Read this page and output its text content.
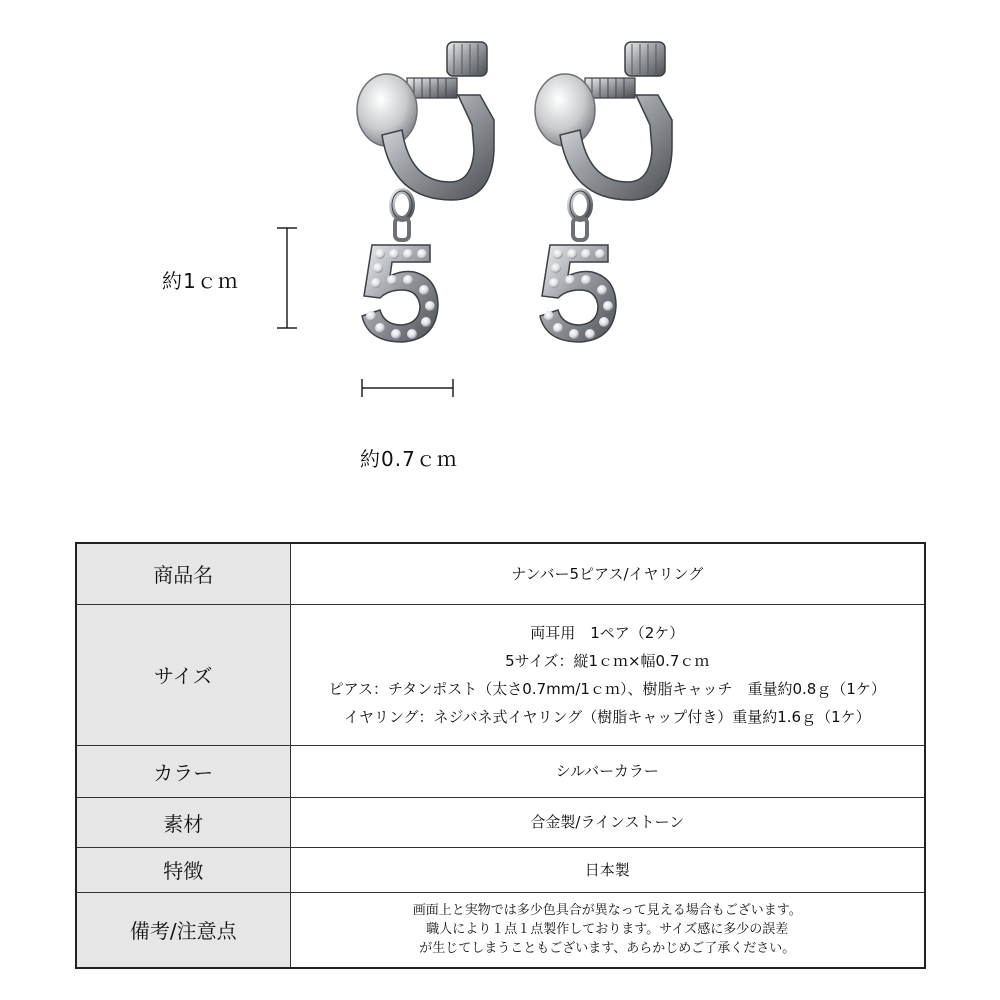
約1ｃｍ
約0.7ｃｍ
商品名	ナンバー5ピアス/イヤリング

サイズ	両耳用　1ペア（2ケ）
5サイズ：縦1ｃｍ×幅0.7ｃｍ
ピアス：チタンポスト（太さ0.7mm/1ｃｍ）、樹脂キャッチ　重量約0.8ｇ（1ケ）
イヤリング：ネジバネ式イヤリング（樹脂キャップ付き）重量約1.6ｇ（1ケ）

カラー	シルバーカラー

素材	合金製/ラインストーン

特徴	日本製

備考/注意点	画面上と実物では多少色具合が異なって見える場合もございます。
職人により１点１点製作しております。サイズ感に多少の誤差
が生じてしまうこともございます、あらかじめご了承ください。
